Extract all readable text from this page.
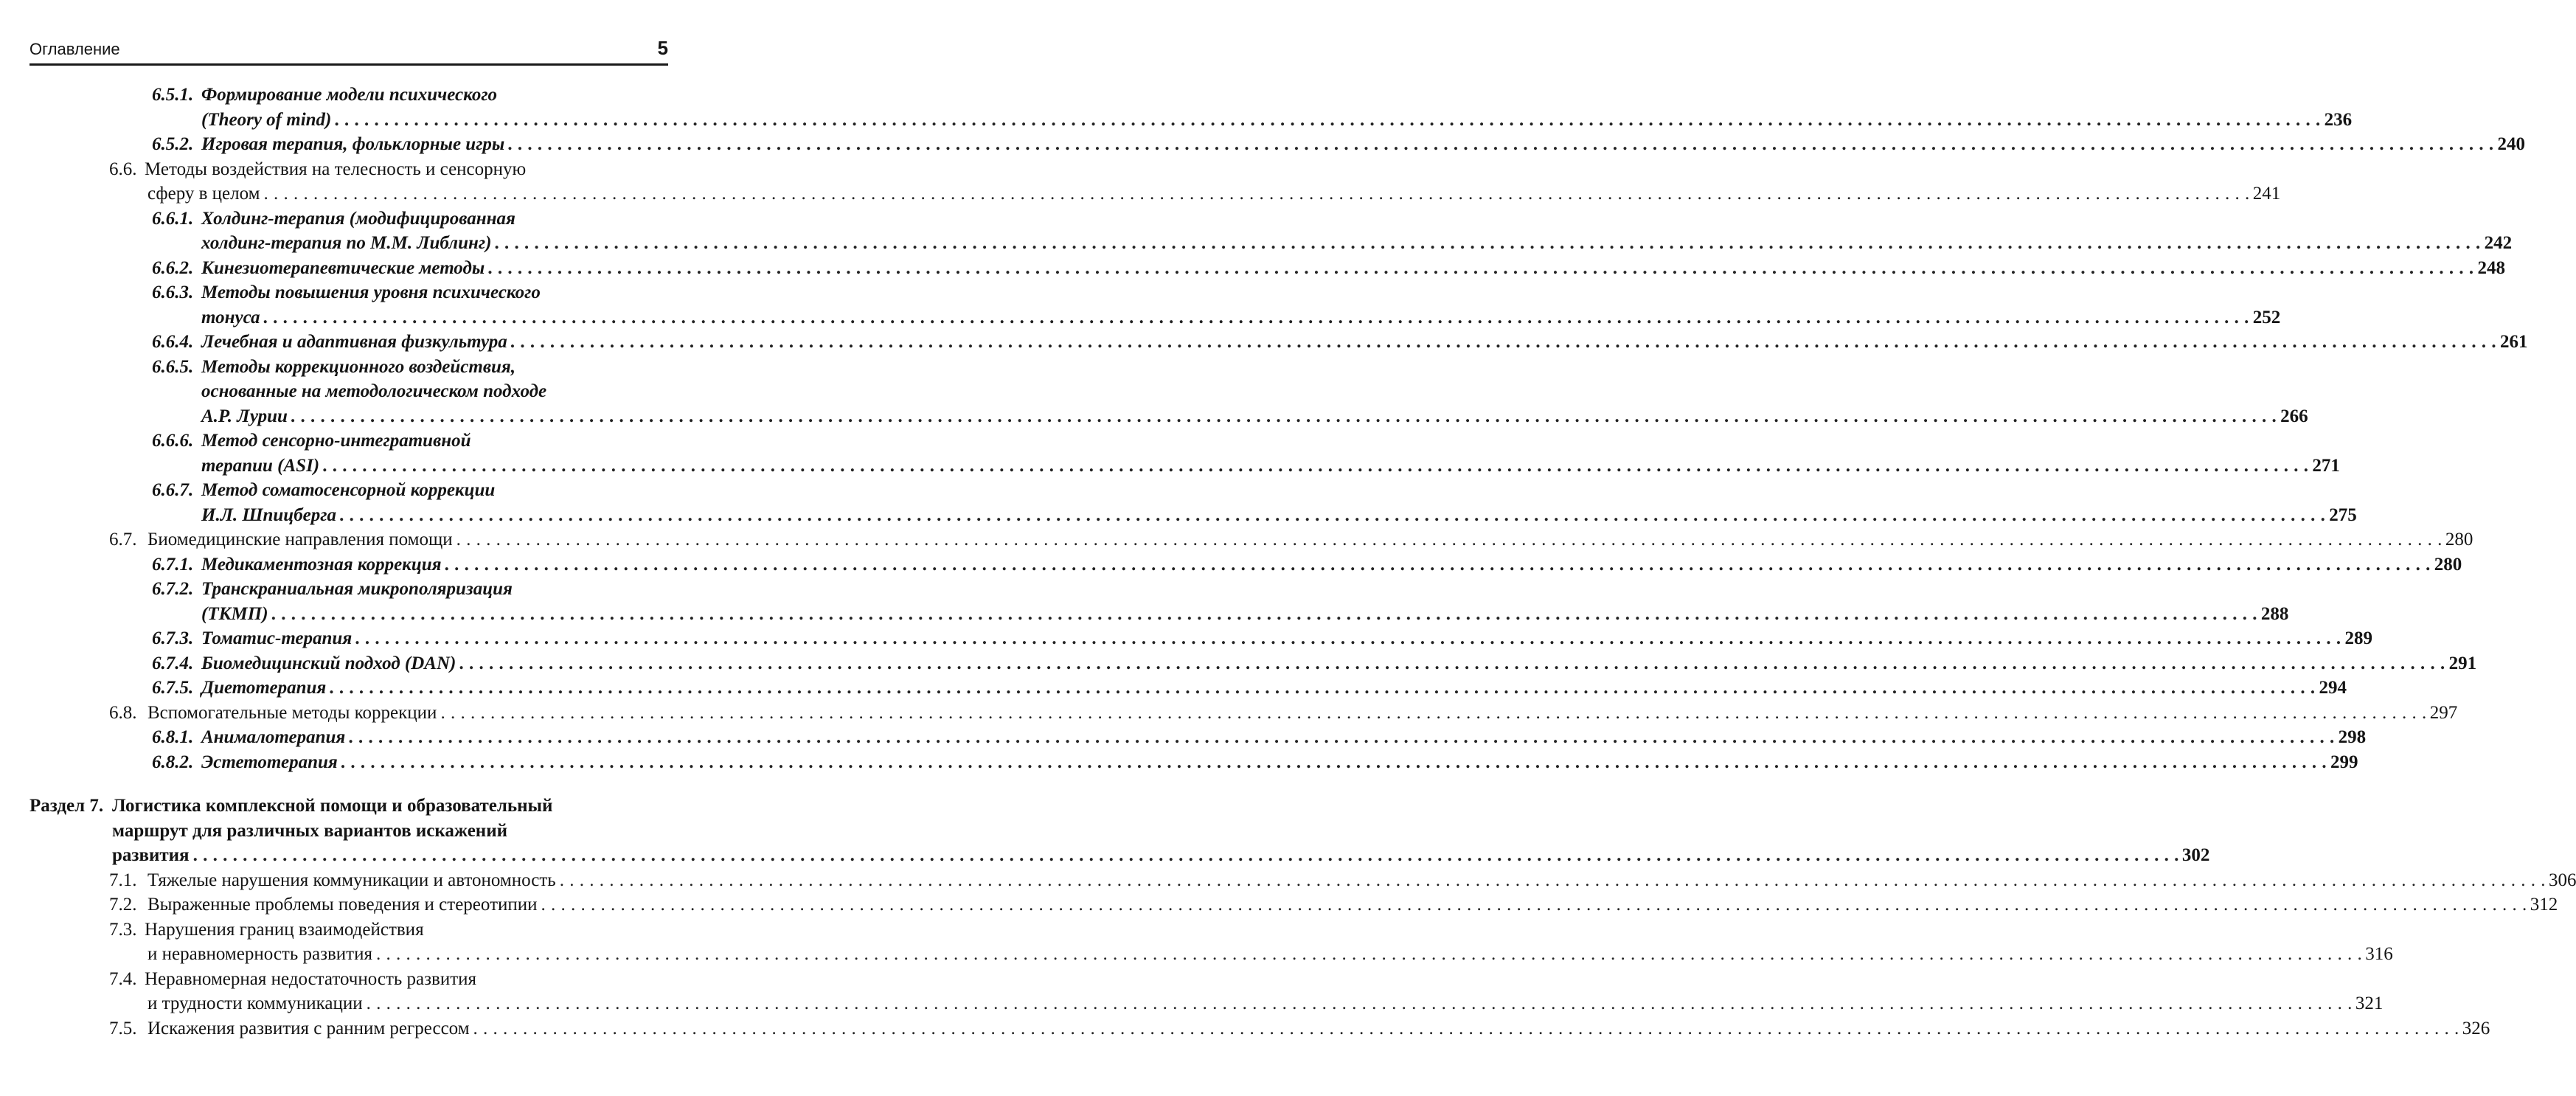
Оглавление	5
6.5.1. Формирование модели психического
(Theory of mind) . . . . . . . . . . . . . . . . . . . . . . . . . . . . . . . . . . . . . . . . . . . . . . . . . . . . . . . . . . . . . . . . . . . . . . . . . . . . . . . . . . . . . . . . . . . . . . . . . . . . . . . . . . . . . . . . . . . . . . . . . . . . . . . . . . . . . . . . . . . . . . . . . . . . . . . . . . . . . . . . . . . . . . . . . . . . . . . . . . . . . . . . . . . . . . . . . . . . . . . . 236
6.5.2. Игровая терапия, фольклорные игры . . . . . . . . . . . . . . . . . . . . . . . . . . . . . . . . . . . . . . . . . . . . . . . . . . . . . . . . . . . . . . . . . . . . . . . . . . . . . . . . . . . . . . . . . . . . . . . . . . . . . . . . . . . . . . . . . . . . . . . . . . . . . . . . . . . . . . . . . . . . . . . . . . . . . . . . . . . . . . . . . . . . . . . . . . . . . . . . . . . . . . . . . . . . . . . . . . . . . . . . 240
6.6. Методы воздействия на телесность и сенсорную
сферу в целом . . . . . . . . . . . . . . . . . . . . . . . . . . . . . . . . . . . . . . . . . . . . . . . . . . . . . . . . . . . . . . . . . . . . . . . . . . . . . . . . . . . . . . . . . . . . . . . . . . . . . . . . . . . . . . . . . . . . . . . . . . . . . . . . . . . . . . . . . . . . . . . . . . . . . . . . . . . . . . . . . . . . . . . . . . . . . . . . . . . . . . . . . . . . . . . . . . . . . . . . 241
6.6.1. Холдинг-терапия (модифицированная
холдинг-терапия по М.М. Либлинг) . . . . . . . . . . . . . . . . . . . . . . . . . . . . . . . . . . . . . . . . . . . . . . . . . . . . . . . . . . . . . . . . . . . . . . . . . . . . . . . . . . . . . . . . . . . . . . . . . . . . . . . . . . . . . . . . . . . . . . . . . . . . . . . . . . . . . . . . . . . . . . . . . . . . . . . . . . . . . . . . . . . . . . . . . . . . . . . . . . . . . . . . . . . . . . . . . . . . . . . . 242
6.6.2. Кинезиотерапевтические методы . . . . . . . . . . . . . . . . . . . . . . . . . . . . . . . . . . . . . . . . . . . . . . . . . . . . . . . . . . . . . . . . . . . . . . . . . . . . . . . . . . . . . . . . . . . . . . . . . . . . . . . . . . . . . . . . . . . . . . . . . . . . . . . . . . . . . . . . . . . . . . . . . . . . . . . . . . . . . . . . . . . . . . . . . . . . . . . . . . . . . . . . . . . . . . . . . . . . . . . . 248
6.6.3. Методы повышения уровня психического
тонуса . . . . . . . . . . . . . . . . . . . . . . . . . . . . . . . . . . . . . . . . . . . . . . . . . . . . . . . . . . . . . . . . . . . . . . . . . . . . . . . . . . . . . . . . . . . . . . . . . . . . . . . . . . . . . . . . . . . . . . . . . . . . . . . . . . . . . . . . . . . . . . . . . . . . . . . . . . . . . . . . . . . . . . . . . . . . . . . . . . . . . . . . . . . . . . . . . . . . . . . . 252
6.6.4. Лечебная и адаптивная физкультура . . . . . . . . . . . . . . . . . . . . . . . . . . . . . . . . . . . . . . . . . . . . . . . . . . . . . . . . . . . . . . . . . . . . . . . . . . . . . . . . . . . . . . . . . . . . . . . . . . . . . . . . . . . . . . . . . . . . . . . . . . . . . . . . . . . . . . . . . . . . . . . . . . . . . . . . . . . . . . . . . . . . . . . . . . . . . . . . . . . . . . . . . . . . . . . . . . . . . . . . 261
6.6.5. Методы коррекционного воздействия,
основанные на методологическом подходе
А.Р. Лурии . . . . . . . . . . . . . . . . . . . . . . . . . . . . . . . . . . . . . . . . . . . . . . . . . . . . . . . . . . . . . . . . . . . . . . . . . . . . . . . . . . . . . . . . . . . . . . . . . . . . . . . . . . . . . . . . . . . . . . . . . . . . . . . . . . . . . . . . . . . . . . . . . . . . . . . . . . . . . . . . . . . . . . . . . . . . . . . . . . . . . . . . . . . . . . . . . . . . . . . . 266
6.6.6. Метод сенсорно-интегративной
терапии (ASI) . . . . . . . . . . . . . . . . . . . . . . . . . . . . . . . . . . . . . . . . . . . . . . . . . . . . . . . . . . . . . . . . . . . . . . . . . . . . . . . . . . . . . . . . . . . . . . . . . . . . . . . . . . . . . . . . . . . . . . . . . . . . . . . . . . . . . . . . . . . . . . . . . . . . . . . . . . . . . . . . . . . . . . . . . . . . . . . . . . . . . . . . . . . . . . . . . . . . . . . . 271
6.6.7. Метод соматосенсорной коррекции
И.Л. Шпицберга . . . . . . . . . . . . . . . . . . . . . . . . . . . . . . . . . . . . . . . . . . . . . . . . . . . . . . . . . . . . . . . . . . . . . . . . . . . . . . . . . . . . . . . . . . . . . . . . . . . . . . . . . . . . . . . . . . . . . . . . . . . . . . . . . . . . . . . . . . . . . . . . . . . . . . . . . . . . . . . . . . . . . . . . . . . . . . . . . . . . . . . . . . . . . . . . . . . . . . . . 275
6.7. Биомедицинские направления помощи . . . . . . . . . . . . . . . . . . . . . . . . . . . . . . . . . . . . . . . . . . . . . . . . . . . . . . . . . . . . . . . . . . . . . . . . . . . . . . . . . . . . . . . . . . . . . . . . . . . . . . . . . . . . . . . . . . . . . . . . . . . . . . . . . . . . . . . . . . . . . . . . . . . . . . . . . . . . . . . . . . . . . . . . . . . . . . . . . . . . . . . . . . . . . . . . . . . . . . . . 280
6.7.1. Медикаментозная коррекция . . . . . . . . . . . . . . . . . . . . . . . . . . . . . . . . . . . . . . . . . . . . . . . . . . . . . . . . . . . . . . . . . . . . . . . . . . . . . . . . . . . . . . . . . . . . . . . . . . . . . . . . . . . . . . . . . . . . . . . . . . . . . . . . . . . . . . . . . . . . . . . . . . . . . . . . . . . . . . . . . . . . . . . . . . . . . . . . . . . . . . . . . . . . . . . . . . . . . . . . 280
6.7.2. Транскраниальная микрополяризация
(ТКМП) . . . . . . . . . . . . . . . . . . . . . . . . . . . . . . . . . . . . . . . . . . . . . . . . . . . . . . . . . . . . . . . . . . . . . . . . . . . . . . . . . . . . . . . . . . . . . . . . . . . . . . . . . . . . . . . . . . . . . . . . . . . . . . . . . . . . . . . . . . . . . . . . . . . . . . . . . . . . . . . . . . . . . . . . . . . . . . . . . . . . . . . . . . . . . . . . . . . . . . . . 288
6.7.3. Томатис-терапия . . . . . . . . . . . . . . . . . . . . . . . . . . . . . . . . . . . . . . . . . . . . . . . . . . . . . . . . . . . . . . . . . . . . . . . . . . . . . . . . . . . . . . . . . . . . . . . . . . . . . . . . . . . . . . . . . . . . . . . . . . . . . . . . . . . . . . . . . . . . . . . . . . . . . . . . . . . . . . . . . . . . . . . . . . . . . . . . . . . . . . . . . . . . . . . . . . . . . . . . 289
6.7.4. Биомедицинский подход (DAN) . . . . . . . . . . . . . . . . . . . . . . . . . . . . . . . . . . . . . . . . . . . . . . . . . . . . . . . . . . . . . . . . . . . . . . . . . . . . . . . . . . . . . . . . . . . . . . . . . . . . . . . . . . . . . . . . . . . . . . . . . . . . . . . . . . . . . . . . . . . . . . . . . . . . . . . . . . . . . . . . . . . . . . . . . . . . . . . . . . . . . . . . . . . . . . . . . . . . . . . . 291
6.7.5. Диетотерапия . . . . . . . . . . . . . . . . . . . . . . . . . . . . . . . . . . . . . . . . . . . . . . . . . . . . . . . . . . . . . . . . . . . . . . . . . . . . . . . . . . . . . . . . . . . . . . . . . . . . . . . . . . . . . . . . . . . . . . . . . . . . . . . . . . . . . . . . . . . . . . . . . . . . . . . . . . . . . . . . . . . . . . . . . . . . . . . . . . . . . . . . . . . . . . . . . . . . . . . . 294
6.8. Вспомогательные методы коррекции . . . . . . . . . . . . . . . . . . . . . . . . . . . . . . . . . . . . . . . . . . . . . . . . . . . . . . . . . . . . . . . . . . . . . . . . . . . . . . . . . . . . . . . . . . . . . . . . . . . . . . . . . . . . . . . . . . . . . . . . . . . . . . . . . . . . . . . . . . . . . . . . . . . . . . . . . . . . . . . . . . . . . . . . . . . . . . . . . . . . . . . . . . . . . . . . . . . . . . . . 297
6.8.1. Анималотерапия . . . . . . . . . . . . . . . . . . . . . . . . . . . . . . . . . . . . . . . . . . . . . . . . . . . . . . . . . . . . . . . . . . . . . . . . . . . . . . . . . . . . . . . . . . . . . . . . . . . . . . . . . . . . . . . . . . . . . . . . . . . . . . . . . . . . . . . . . . . . . . . . . . . . . . . . . . . . . . . . . . . . . . . . . . . . . . . . . . . . . . . . . . . . . . . . . . . . . . . . 298
6.8.2. Эстетотерапия . . . . . . . . . . . . . . . . . . . . . . . . . . . . . . . . . . . . . . . . . . . . . . . . . . . . . . . . . . . . . . . . . . . . . . . . . . . . . . . . . . . . . . . . . . . . . . . . . . . . . . . . . . . . . . . . . . . . . . . . . . . . . . . . . . . . . . . . . . . . . . . . . . . . . . . . . . . . . . . . . . . . . . . . . . . . . . . . . . . . . . . . . . . . . . . . . . . . . . . . 299
Раздел 7. Логистика комплексной помощи и образовательный
маршрут для различных вариантов искажений
развития . . . . . . . . . . . . . . . . . . . . . . . . . . . . . . . . . . . . . . . . . . . . . . . . . . . . . . . . . . . . . . . . . . . . . . . . . . . . . . . . . . . . . . . . . . . . . . . . . . . . . . . . . . . . . . . . . . . . . . . . . . . . . . . . . . . . . . . . . . . . . . . . . . . . . . . . . . . . . . . . . . . . . . . . . . . . . . . . . . . . . . . . . . . . . . . . . . . . . . . . 302
7.1. Тяжелые нарушения коммуникации и автономность . . . . . . . . . . . . . . . . . . . . . . . . . . . . . . . . . . . . . . . . . . . . . . . . . . . . . . . . . . . . . . . . . . . . . . . . . . . . . . . . . . . . . . . . . . . . . . . . . . . . . . . . . . . . . . . . . . . . . . . . . . . . . . . . . . . . . . . . . . . . . . . . . . . . . . . . . . . . . . . . . . . . . . . . . . . . . . . . . . . . . . . . . . . . . . . . . . . . . . . . 306
7.2. Выраженные проблемы поведения и стереотипии . . . . . . . . . . . . . . . . . . . . . . . . . . . . . . . . . . . . . . . . . . . . . . . . . . . . . . . . . . . . . . . . . . . . . . . . . . . . . . . . . . . . . . . . . . . . . . . . . . . . . . . . . . . . . . . . . . . . . . . . . . . . . . . . . . . . . . . . . . . . . . . . . . . . . . . . . . . . . . . . . . . . . . . . . . . . . . . . . . . . . . . . . . . . . . . . . . . . . . . . 312
7.3. Нарушения границ взаимодействия
и неравномерность развития . . . . . . . . . . . . . . . . . . . . . . . . . . . . . . . . . . . . . . . . . . . . . . . . . . . . . . . . . . . . . . . . . . . . . . . . . . . . . . . . . . . . . . . . . . . . . . . . . . . . . . . . . . . . . . . . . . . . . . . . . . . . . . . . . . . . . . . . . . . . . . . . . . . . . . . . . . . . . . . . . . . . . . . . . . . . . . . . . . . . . . . . . . . . . . . . . . . . . . . . 316
7.4. Неравномерная недостаточность развития
и трудности коммуникации . . . . . . . . . . . . . . . . . . . . . . . . . . . . . . . . . . . . . . . . . . . . . . . . . . . . . . . . . . . . . . . . . . . . . . . . . . . . . . . . . . . . . . . . . . . . . . . . . . . . . . . . . . . . . . . . . . . . . . . . . . . . . . . . . . . . . . . . . . . . . . . . . . . . . . . . . . . . . . . . . . . . . . . . . . . . . . . . . . . . . . . . . . . . . . . . . . . . . . . . 321
7.5. Искажения развития с ранним регрессом . . . . . . . . . . . . . . . . . . . . . . . . . . . . . . . . . . . . . . . . . . . . . . . . . . . . . . . . . . . . . . . . . . . . . . . . . . . . . . . . . . . . . . . . . . . . . . . . . . . . . . . . . . . . . . . . . . . . . . . . . . . . . . . . . . . . . . . . . . . . . . . . . . . . . . . . . . . . . . . . . . . . . . . . . . . . . . . . . . . . . . . . . . . . . . . . . . . . . . . . 326
